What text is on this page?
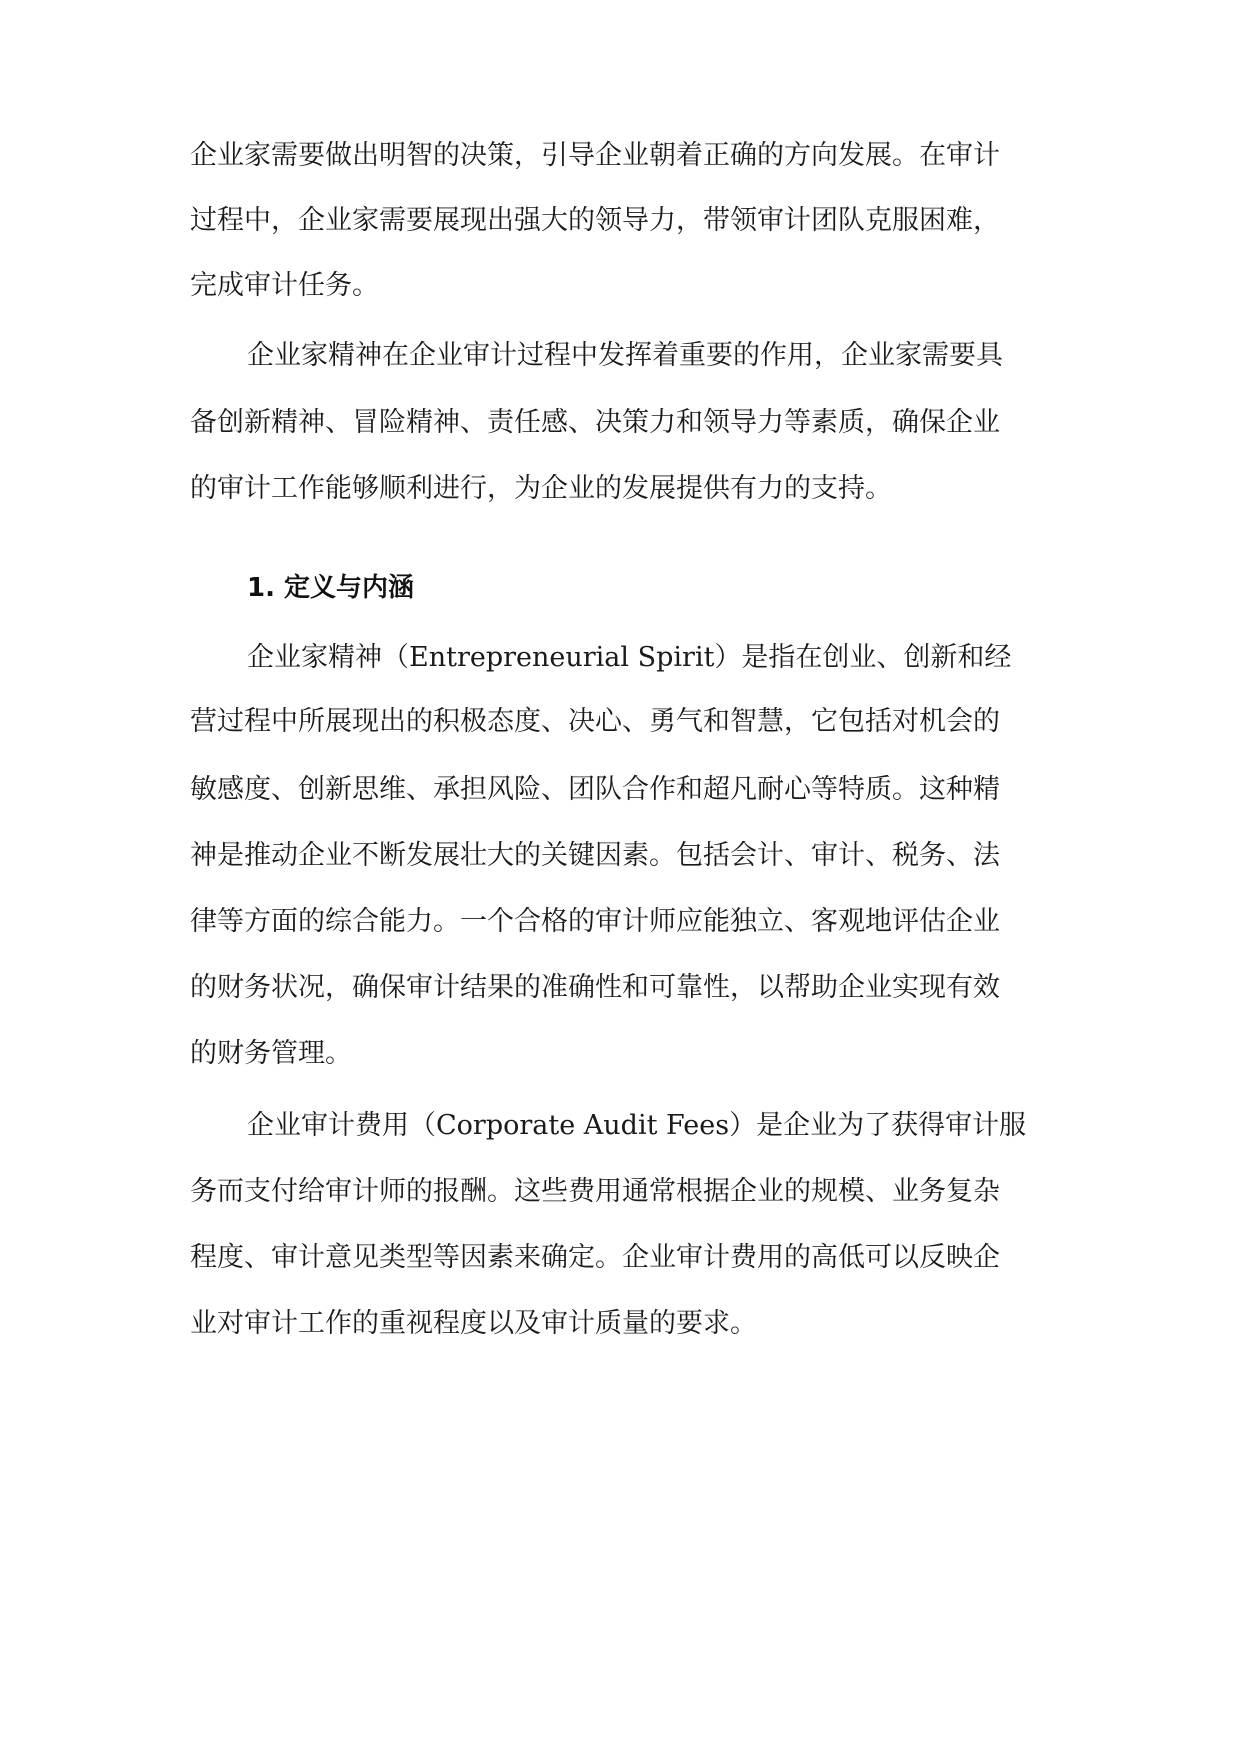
企业家需要做出明智的决策，引导企业朝着正确的方向发展。在审计
过程中，企业家需要展现出强大的领导力，带领审计团队克服困难，
完成审计任务。
企业家精神在企业审计过程中发挥着重要的作用，企业家需要具
备创新精神、冒险精神、责任感、决策力和领导力等素质，确保企业
的审计工作能够顺利进行，为企业的发展提供有力的支持。
1. 定义与内涵
企业家精神（Entrepreneurial Spirit）是指在创业、创新和经
营过程中所展现出的积极态度、决心、勇气和智慧，它包括对机会的
敏感度、创新思维、承担风险、团队合作和超凡耐心等特质。这种精
神是推动企业不断发展壮大的关键因素。包括会计、审计、税务、法
律等方面的综合能力。一个合格的审计师应能独立、客观地评估企业
的财务状况，确保审计结果的准确性和可靠性，以帮助企业实现有效
的财务管理。
企业审计费用（Corporate Audit Fees）是企业为了获得审计服
务而支付给审计师的报酬。这些费用通常根据企业的规模、业务复杂
程度、审计意见类型等因素来确定。企业审计费用的高低可以反映企
业对审计工作的重视程度以及审计质量的要求。
